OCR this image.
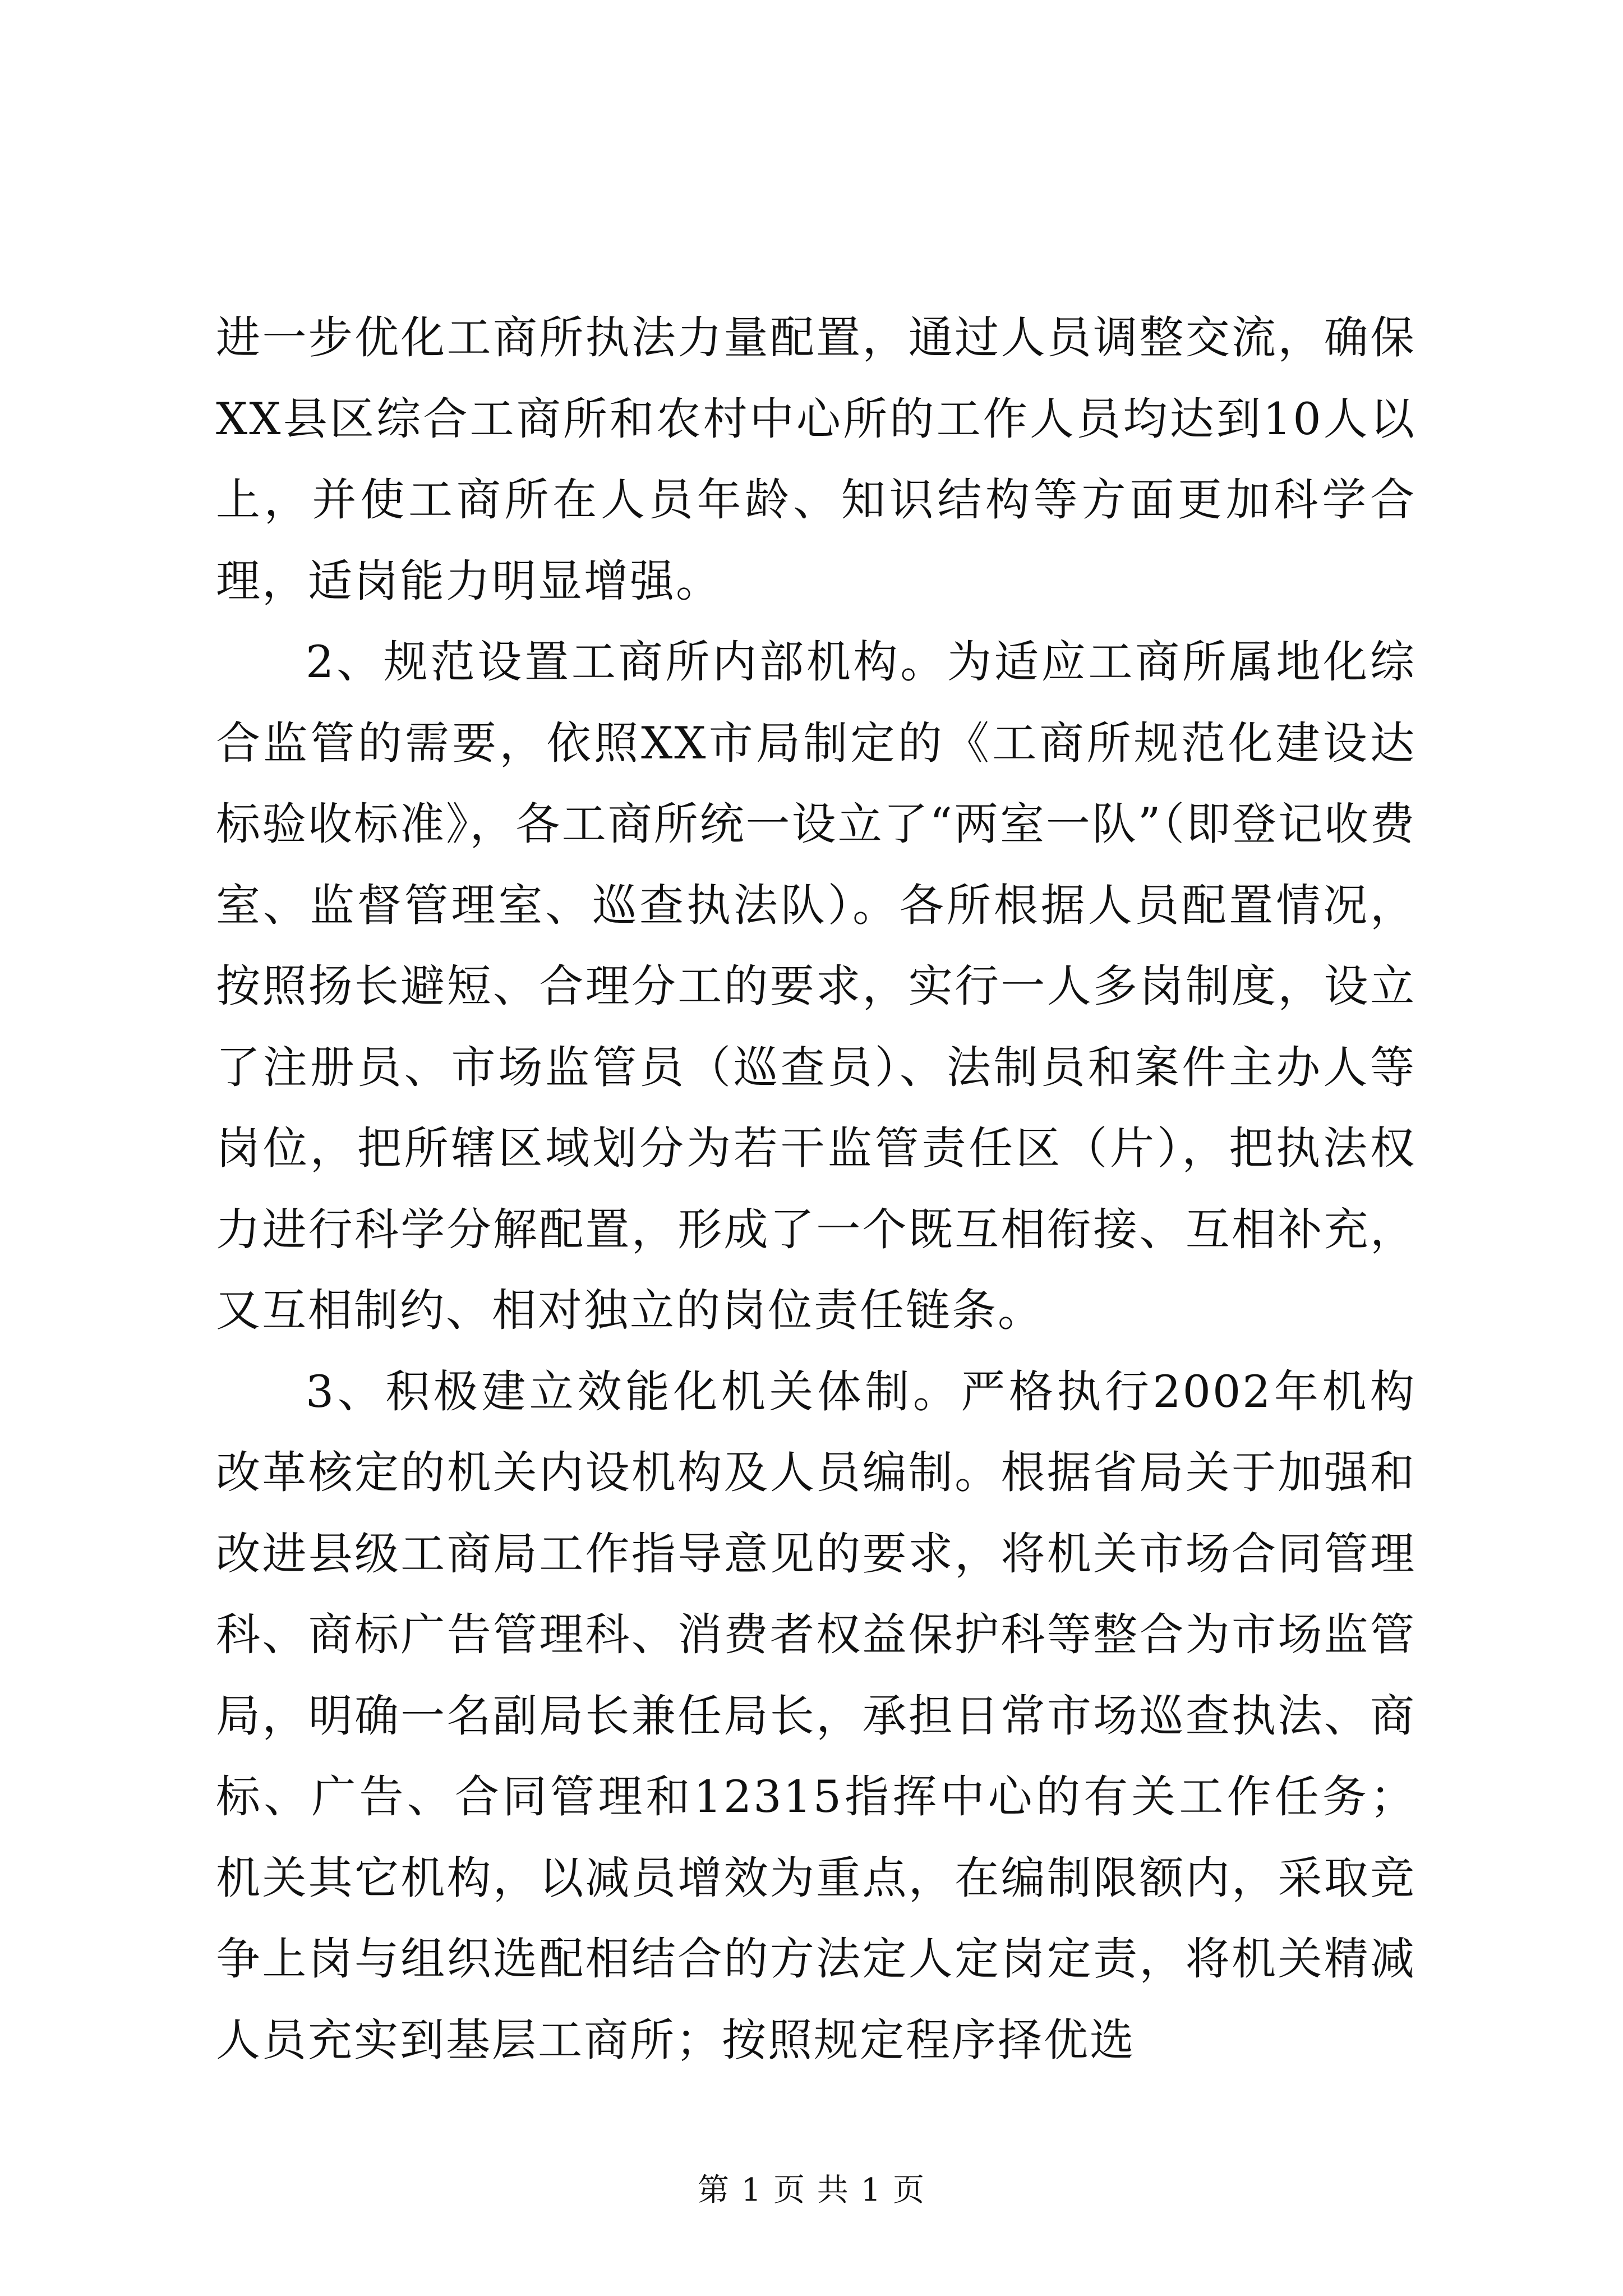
进一步优化工商所执法力量配置，通过人员调整交流，确保XX县区综合工商所和农村中心所的工作人员均达到10人以上，并使工商所在人员年龄、知识结构等方面更加科学合理，适岗能力明显增强。

2、规范设置工商所内部机构。为适应工商所属地化综合监管的需要，依照XX市局制定的《工商所规范化建设达标验收标准》，各工商所统一设立了“两室一队”（即登记收费室、监督管理室、巡查执法队）。各所根据人员配置情况，按照扬长避短、合理分工的要求，实行一人多岗制度，设立了注册员、市场监管员（巡查员）、法制员和案件主办人等岗位，把所辖区域划分为若干监管责任区（片），把执法权力进行科学分解配置，形成了一个既互相衔接、互相补充，又互相制约、相对独立的岗位责任链条。

3、积极建立效能化机关体制。严格执行2002年机构改革核定的机关内设机构及人员编制。根据省局关于加强和改进县级工商局工作指导意见的要求，将机关市场合同管理科、商标广告管理科、消费者权益保护科等整合为市场监管局，明确一名副局长兼任局长，承担日常市场巡查执法、商标、广告、合同管理和12315指挥中心的有关工作任务；机关其它机构，以减员增效为重点，在编制限额内，采取竞争上岗与组织选配相结合的方法定人定岗定责，将机关精减人员充实到基层工商所；按照规定程序择优选

第 1 页 共 1 页
